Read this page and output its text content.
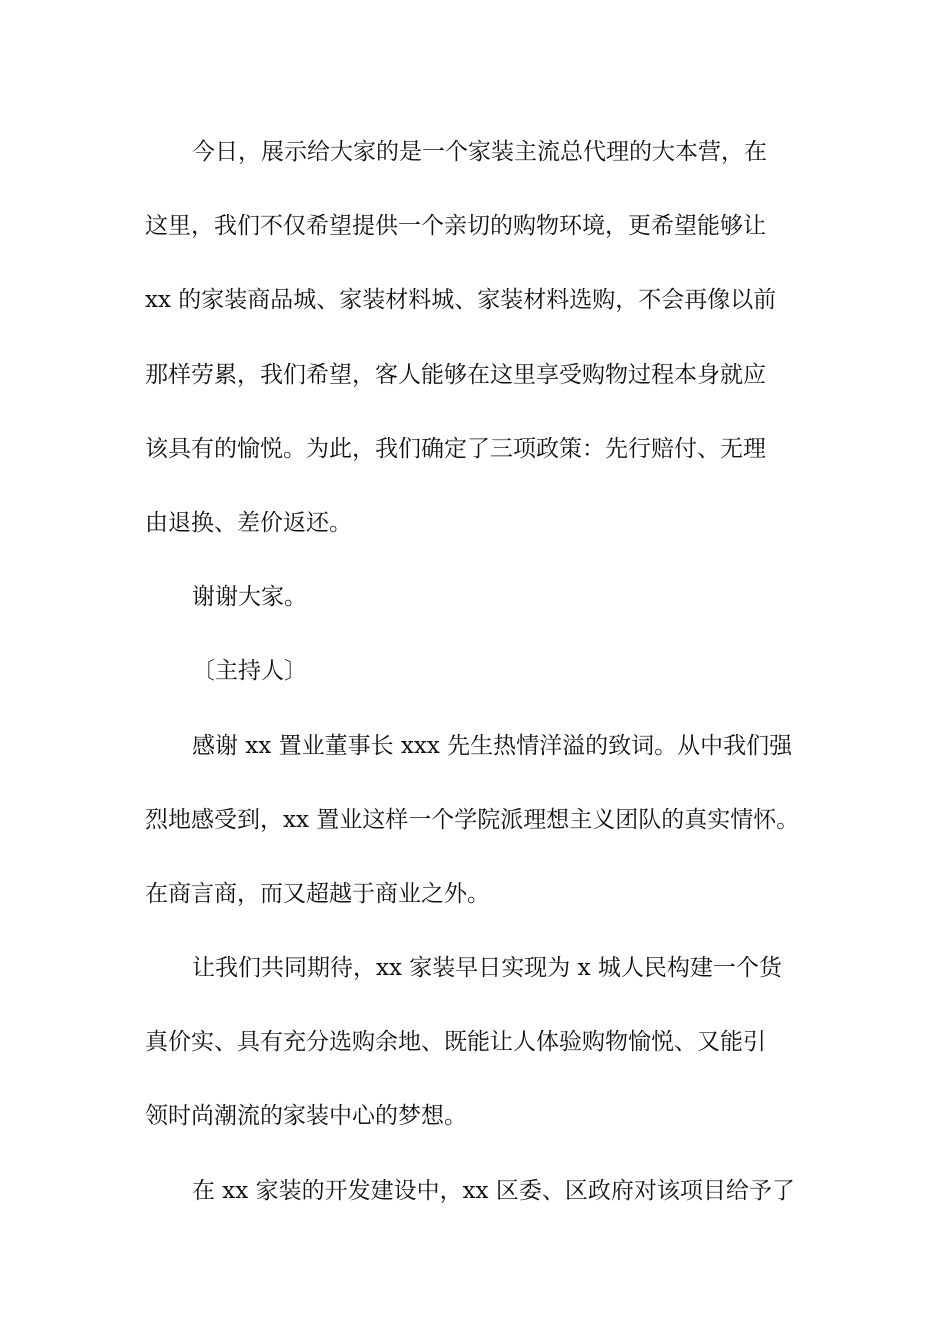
今日，展示给大家的是一个家装主流总代理的大本营，在
这里，我们不仅希望提供一个亲切的购物环境，更希望能够让
xx 的家装商品城、家装材料城、家装材料选购，不会再像以前
那样劳累，我们希望，客人能够在这里享受购物过程本身就应
该具有的愉悦。为此，我们确定了三项政策：先行赔付、无理
由退换、差价返还。
谢谢大家。
〔主持人〕
感谢 xx 置业董事长 xxx 先生热情洋溢的致词。从中我们强
烈地感受到，xx 置业这样一个学院派理想主义团队的真实情怀。
在商言商，而又超越于商业之外。
让我们共同期待，xx 家装早日实现为 x 城人民构建一个货
真价实、具有充分选购余地、既能让人体验购物愉悦、又能引
领时尚潮流的家装中心的梦想。
在 xx 家装的开发建设中，xx 区委、区政府对该项目给予了
